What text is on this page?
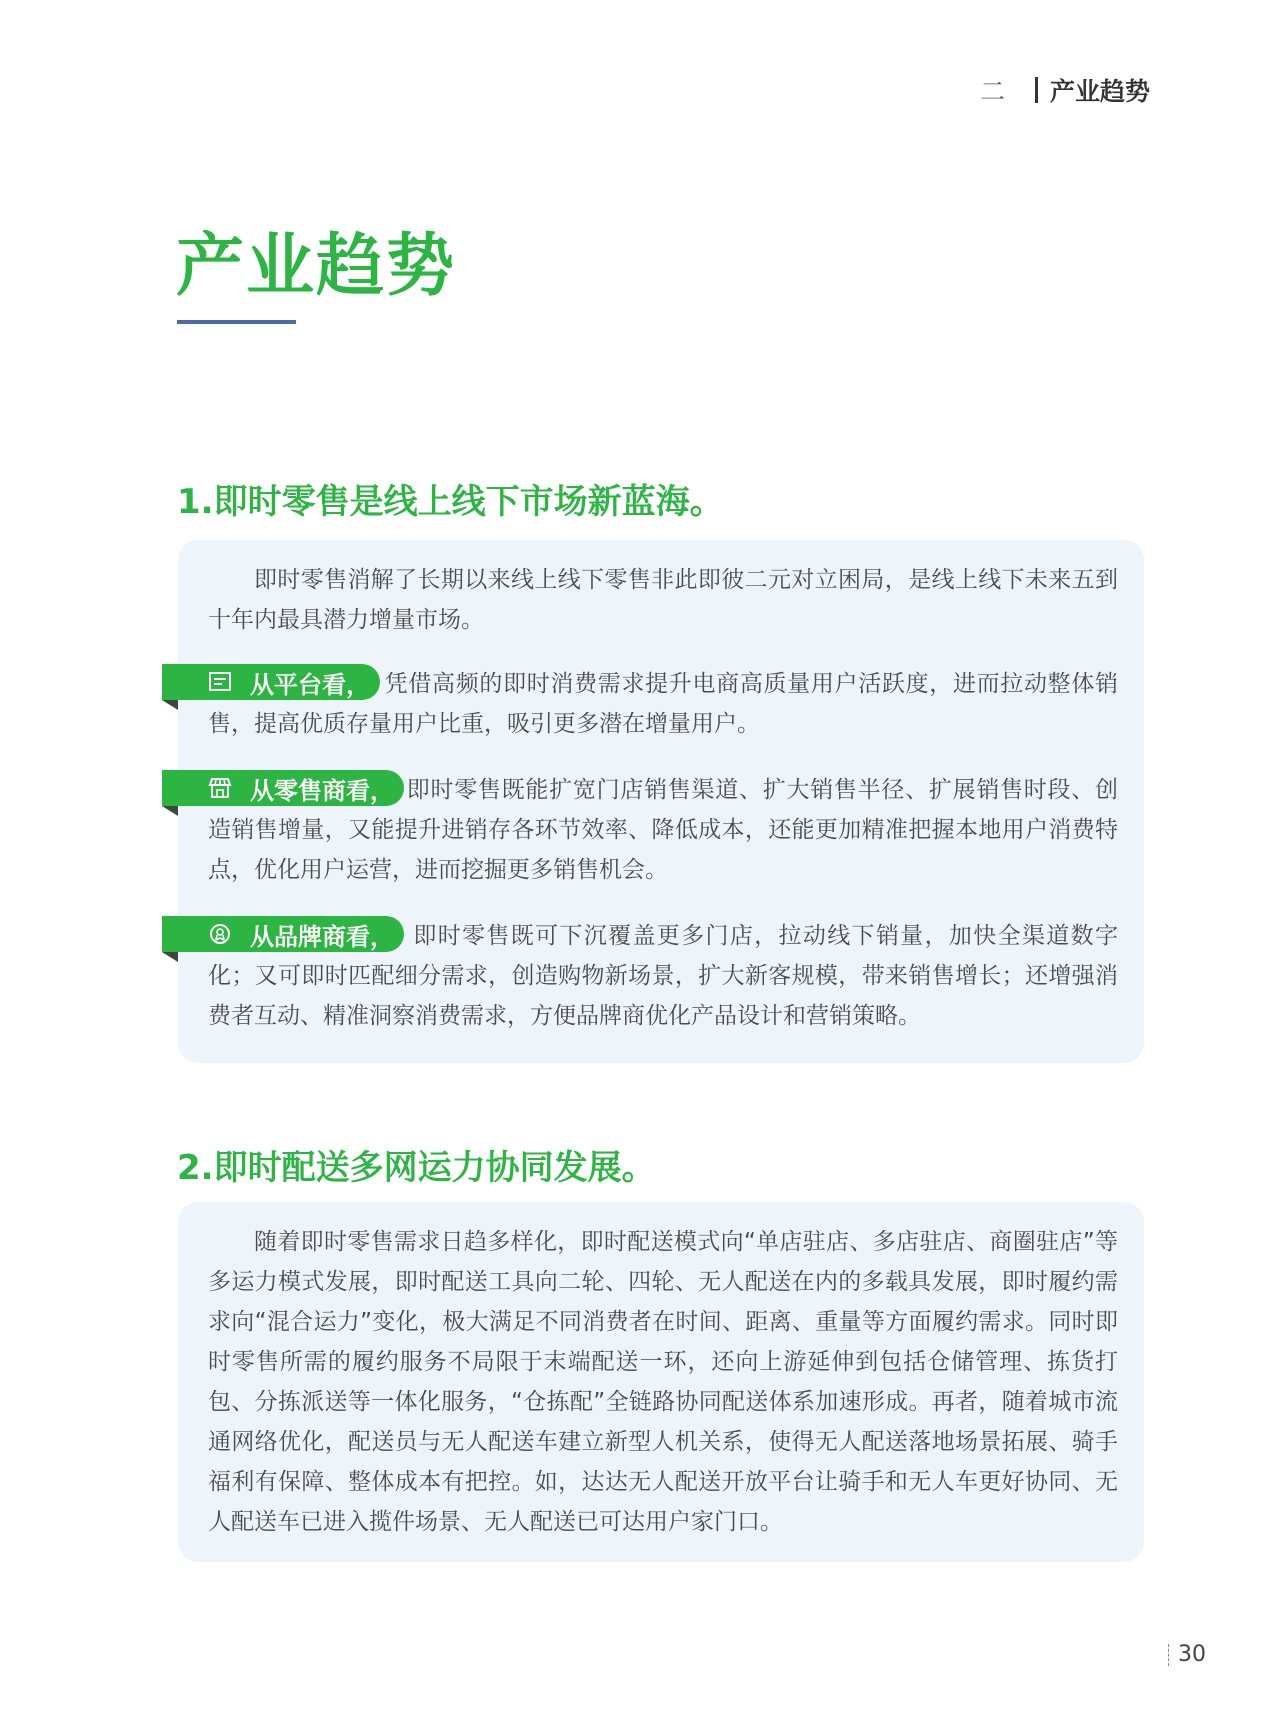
二 产业趋势
产业趋势
1.即时零售是线上线下市场新蓝海。

即时零售消解了长期以来线上线下零售非此即彼二元对立困局，是线上线下未来五到十年内最具潜力增量市场。

凭借高频的即时消费需求提升电商高质量用户活跃度，进而拉动整体销售，提高优质存量用户比重，吸引更多潜在增量用户。

从平台看，

即时零售既能扩宽门店销售渠道、扩大销售半径、扩展销售时段、创造销售增量，又能提升进销存各环节效率、降低成本，还能更加精准把握本地用户消费特点，优化用户运营，进而挖掘更多销售机会。

从零售商看，

即时零售既可下沉覆盖更多门店，拉动线下销量，加快全渠道数字化；又可即时匹配细分需求，创造购物新场景，扩大新客规模，带来销售增长；还增强消费者互动、精准洞察消费需求，方便品牌商优化产品设计和营销策略。

从品牌商看，
2.即时配送多网运力协同发展。

随着即时零售需求日趋多样化，即时配送模式向“单店驻店、多店驻店、商圈驻店”等多运力模式发展，即时配送工具向二轮、四轮、无人配送在内的多载具发展，即时履约需求向“混合运力”变化，极大满足不同消费者在时间、距离、重量等方面履约需求。同时即时零售所需的履约服务不局限于末端配送一环，还向上游延伸到包括仓储管理、拣货打包、分拣派送等一体化服务，“仓拣配”全链路协同配送体系加速形成。再者，随着城市流通网络优化，配送员与无人配送车建立新型人机关系，使得无人配送落地场景拓展、骑手福利有保障、整体成本有把控。如，达达无人配送开放平台让骑手和无人车更好协同、无人配送车已进入揽件场景、无人配送已可达用户家门口。

30
